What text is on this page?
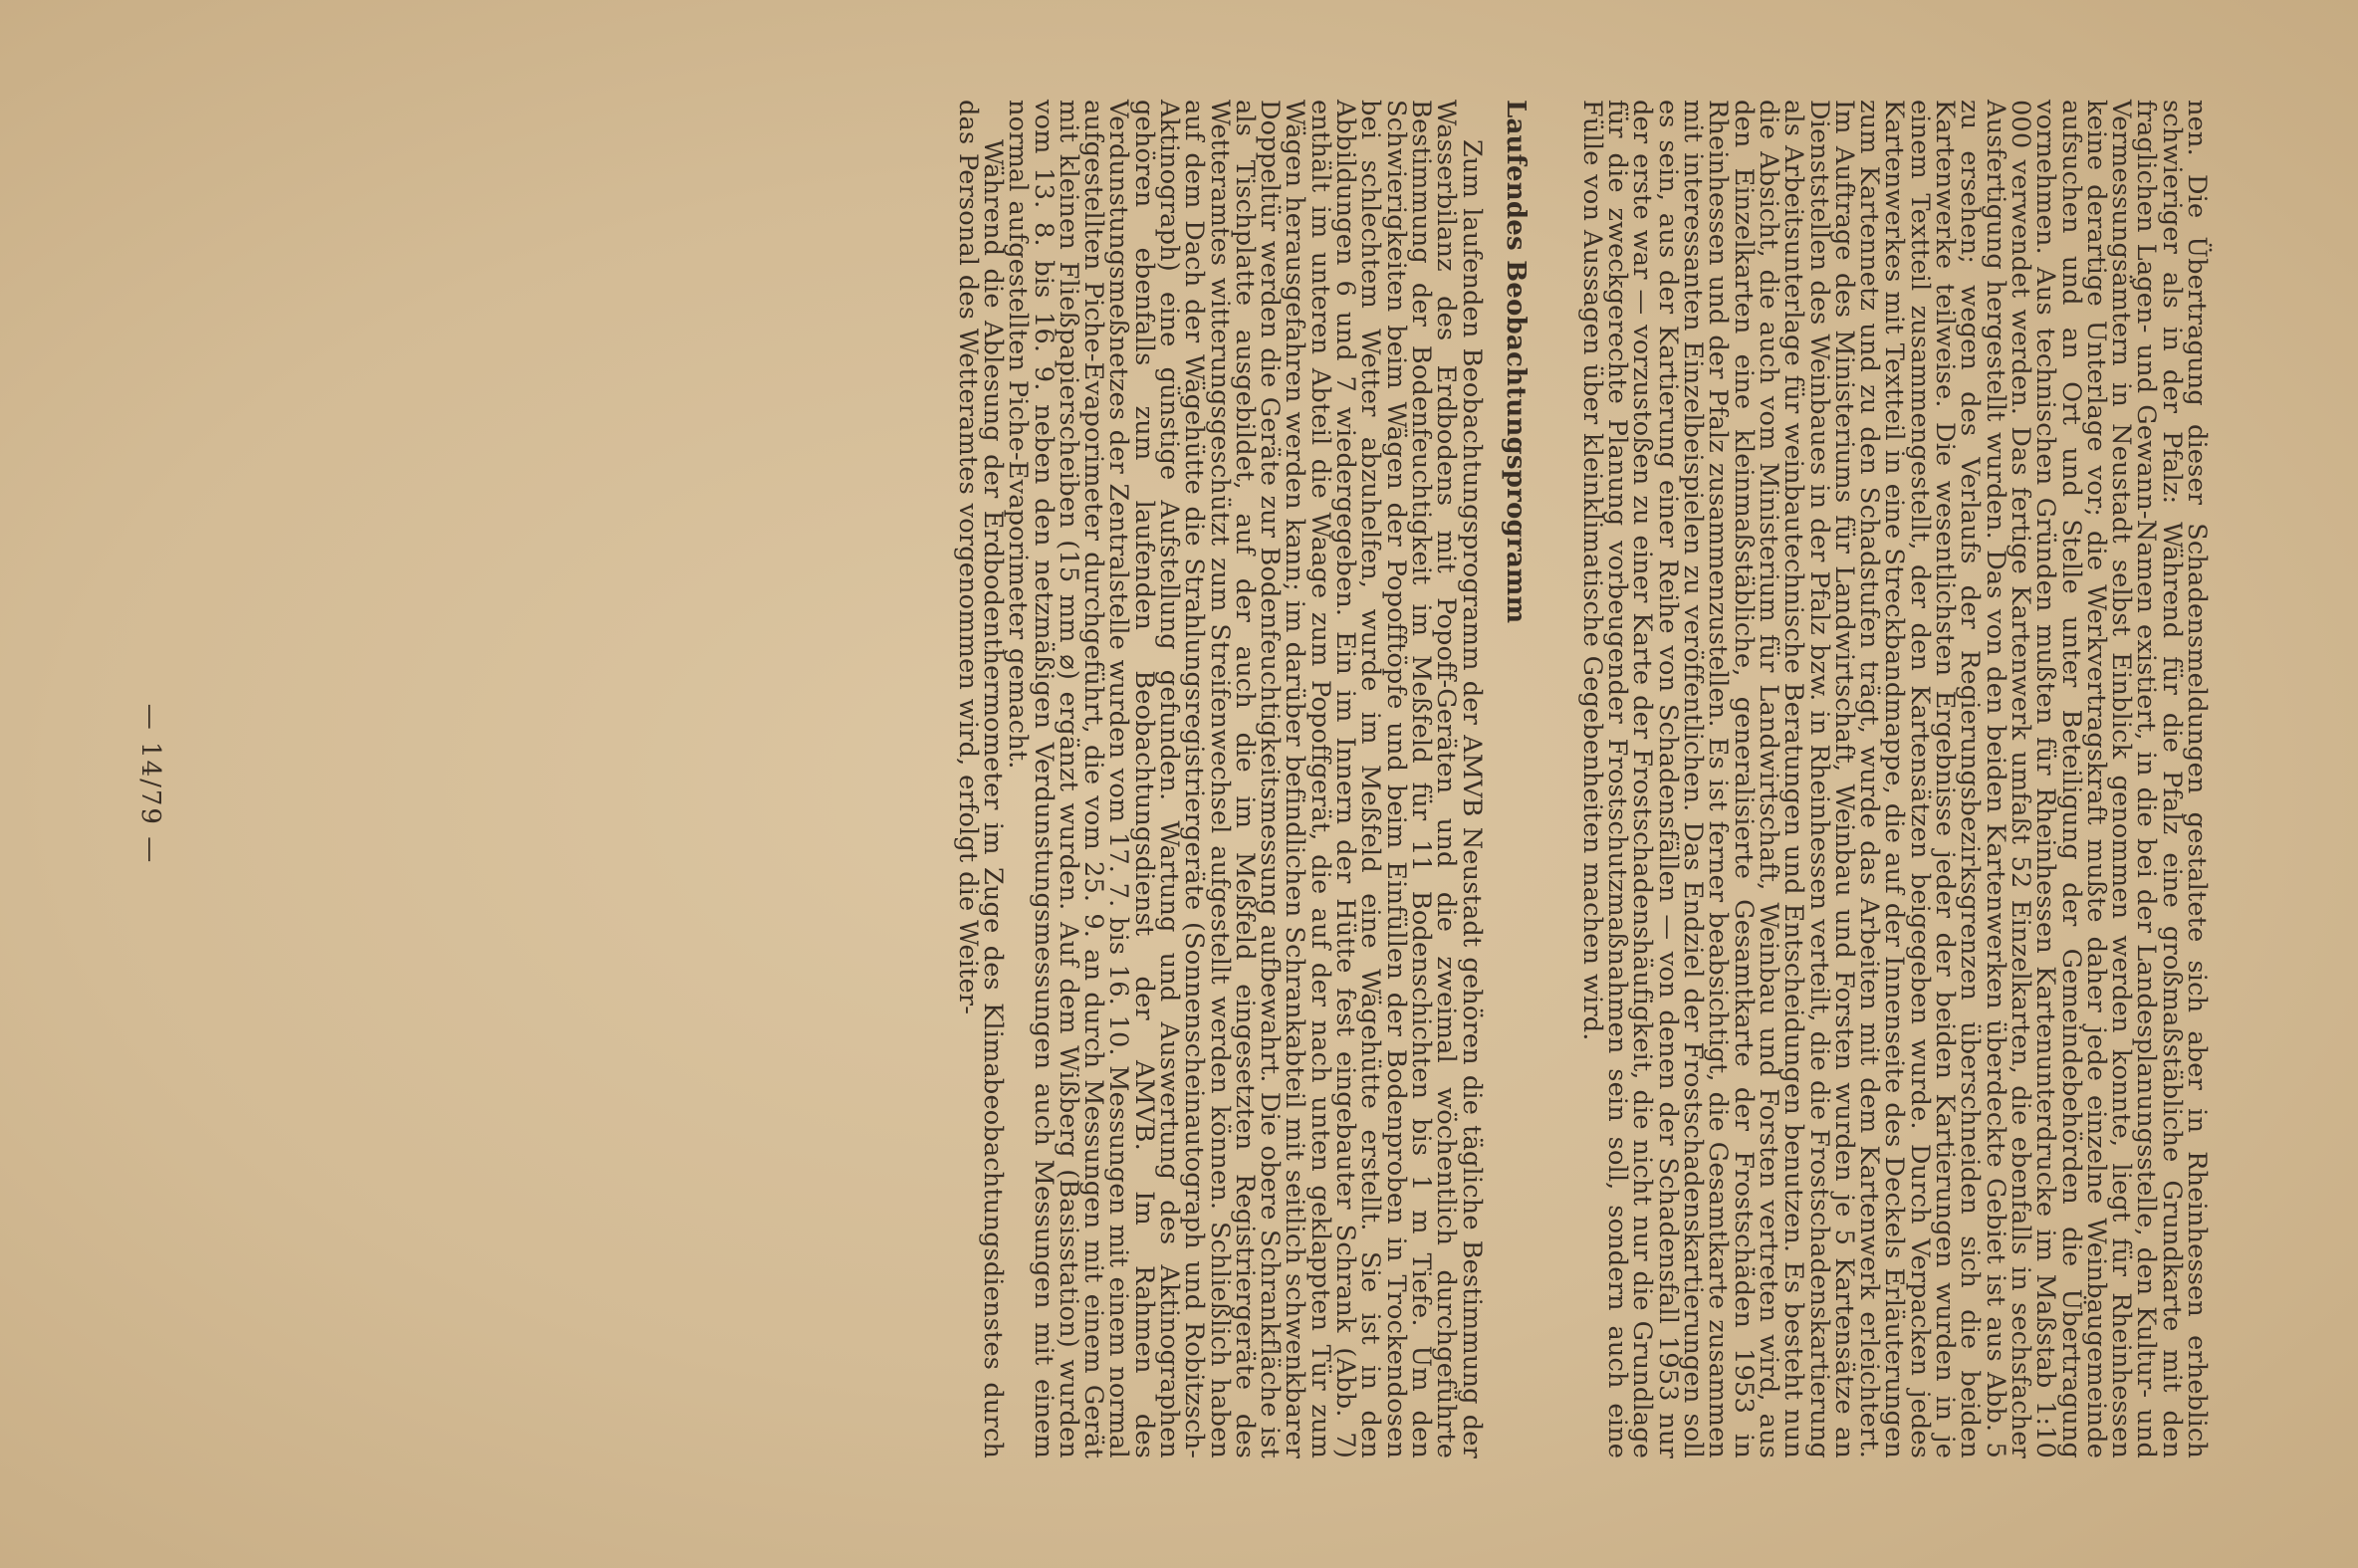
nen. Die Übertragung dieser Schadensmeldungen gestaltete sich aber in Rheinhessen erheblich schwieriger als in der Pfalz: Während für die Pfalz eine großmaßstäbliche Grundkarte mit den fraglichen Lagen- und Gewann-Namen existiert, in die bei der Landesplanungsstelle, den Kultur- und Vermessungsämtern in Neustadt selbst Einblick genommen werden konnte, liegt für Rheinhessen keine derartige Unterlage vor; die Werkvertragskraft mußte daher jede einzelne Weinbaugemeinde aufsuchen und an Ort und Stelle unter Beteiligung der Gemeindebehörden die Übertragung vornehmen. Aus technischen Gründen mußten für Rheinhessen Kartenunterdrucke im Maßstab 1:10 000 verwendet werden. Das fertige Kartenwerk umfaßt 52 Einzelkarten, die ebenfalls in sechsfacher Ausfertigung hergestellt wurden. Das von den beiden Kartenwerken überdeckte Gebiet ist aus Abb. 5 zu ersehen; wegen des Verlaufs der Regierungsbezirksgrenzen überschneiden sich die beiden Kartenwerke teilweise. Die wesentlichsten Ergebnisse jeder der beiden Kartierungen wurden in je einem Textteil zusammengestellt, der den Kartensätzen beigegeben wurde. Durch Verpacken jedes Kartenwerkes mit Textteil in eine Streckbandmappe, die auf der Innenseite des Deckels Erläuterungen zum Kartennetz und zu den Schadstufen trägt, wurde das Arbeiten mit dem Kartenwerk erleichtert. Im Auftrage des Ministeriums für Landwirtschaft, Weinbau und Forsten wurden je 5 Kartensätze an Dienststellen des Weinbaues in der Pfalz bzw. in Rheinhessen verteilt, die die Frostschadenskartierung als Arbeitsunterlage für weinbautechnische Beratungen und Entscheidungen benutzen. Es besteht nun die Absicht, die auch vom Ministerium für Landwirtschaft, Weinbau und Forsten vertreten wird, aus den Einzelkarten eine kleinmaßstäbliche, generalisierte Gesamtkarte der Frostschäden 1953 in Rheinhessen und der Pfalz zusammenzustellen. Es ist ferner beabsichtigt, die Gesamtkarte zusammen mit interessanten Einzelbeispielen zu veröffentlichen. Das Endziel der Frostschadenskartierungen soll es sein, aus der Kartierung einer Reihe von Schadensfällen — von denen der Schadensfall 1953 nur der erste war — vorzustoßen zu einer Karte der Frostschadenshäufigkeit, die nicht nur die Grundlage für die zweckgerechte Planung vorbeugender Frostschutzmaßnahmen sein soll, sondern auch eine Fülle von Aussagen über kleinklimatische Gegebenheiten machen wird.

Laufendes Beobachtungsprogramm

Zum laufenden Beobachtungsprogramm der AMVB Neustadt gehören die tägliche Bestimmung der Wasserbilanz des Erdbodens mit Popoff-Geräten und die zweimal wöchentlich durchgeführte Bestimmung der Bodenfeuchtigkeit im Meßfeld für 11 Bodenschichten bis 1 m Tiefe. Um den Schwierigkeiten beim Wägen der Popofftöpfe und beim Einfüllen der Bodenproben in Trockendosen bei schlechtem Wetter abzuhelfen, wurde im Meßfeld eine Wägehütte erstellt. Sie ist in den Abbildungen 6 und 7 wiedergegeben. Ein im Innern der Hütte fest eingebauter Schrank (Abb. 7) enthält im unteren Abteil die Waage zum Popoffgerät, die auf der nach unten geklappten Tür zum Wägen herausgefahren werden kann; im darüber befindlichen Schrankabteil mit seitlich schwenkbarer Doppeltür werden die Geräte zur Bodenfeuchtigkeitsmessung aufbewahrt. Die obere Schrankfläche ist als Tischplatte ausgebildet, auf der auch die im Meßfeld eingesetzten Registriergeräte des Wetteramtes witterungsgeschützt zum Streifenwechsel aufgestellt werden können. Schließlich haben auf dem Dach der Wägehütte die Strahlungsregistriergeräte (Sonnenscheinautograph und Robitzsch-Aktinograph) eine günstige Aufstellung gefunden. Wartung und Auswertung des Aktinographen gehören ebenfalls zum laufenden Beobachtungsdienst der AMVB. Im Rahmen des Verdunstungsmeßnetzes der Zentralstelle wurden vom 17. 7. bis 16. 10. Messungen mit einem normal aufgestellten Piche-Evaporimeter durchgeführt, die vom 25. 9. an durch Messungen mit einem Gerät mit kleinen Fließpapierscheiben (15 mm ⌀) ergänzt wurden. Auf dem Wißberg (Basisstation) wurden vom 13. 8. bis 16. 9. neben den netzmäßigen Verdunstungsmessungen auch Messungen mit einem normal aufgestellten Piche-Evaporimeter gemacht.

Während die Ablesung der Erdbodenthermometer im Zuge des Klimabeobachtungsdienstes durch das Personal des Wetteramtes vorgenommen wird, erfolgt die Weiter-

— 14/79 —
